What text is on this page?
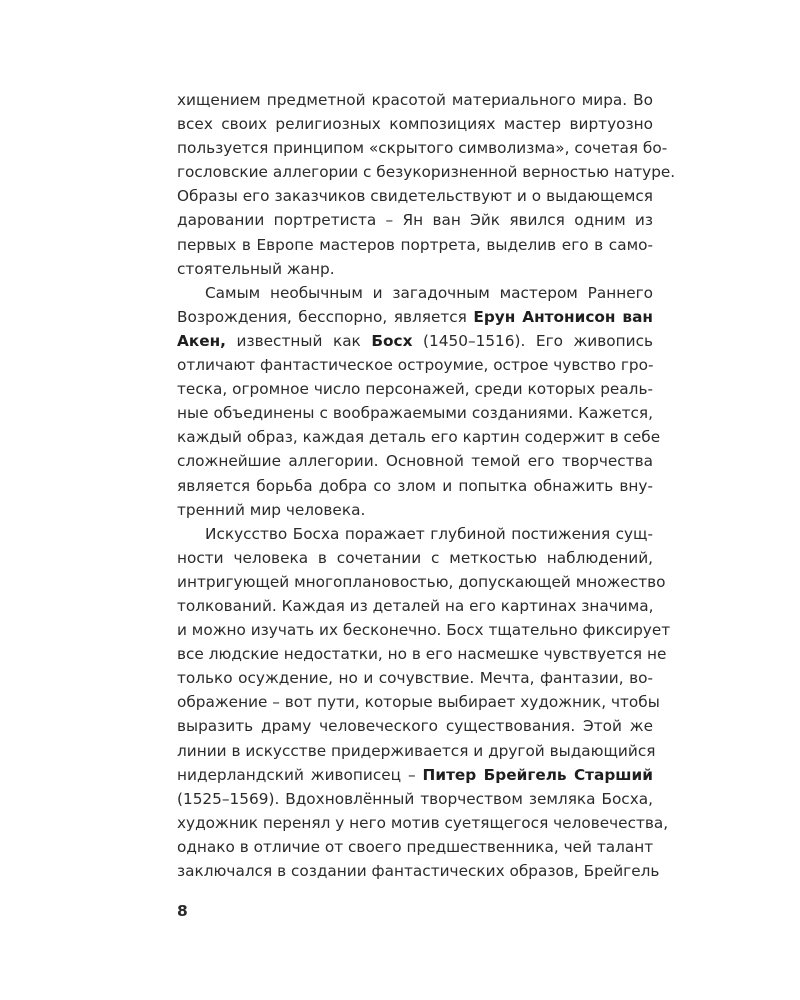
хищением предметной красотой материального мира. Во
всех своих религиозных композициях мастер виртуозно
пользуется принципом «скрытого символизма», сочетая бо-
гословские аллегории с безукоризненной верностью натуре.
Образы его заказчиков свидетельствуют и о выдающемся
даровании портретиста – Ян ван Эйк явился одним из
первых в Европе мастеров портрета, выделив его в само-
стоятельный жанр.

Самым необычным и загадочным мастером Раннего
Возрождения, бесспорно, является Ерун Антонисон ван
Акен, известный как Босх (1450–1516). Его живопись
отличают фантастическое остроумие, острое чувство гро-
теска, огромное число персонажей, среди которых реаль-
ные объединены с воображаемыми созданиями. Кажется,
каждый образ, каждая деталь его картин содержит в себе
сложнейшие аллегории. Основной темой его творчества
является борьба добра со злом и попытка обнажить вну-
тренний мир человека.

Искусство Босха поражает глубиной постижения сущ-
ности человека в сочетании с меткостью наблюдений,
интригующей многоплановостью, допускающей множество
толкований. Каждая из деталей на его картинах значима,
и можно изучать их бесконечно. Босх тщательно фиксирует
все людские недостатки, но в его насмешке чувствуется не
только осуждение, но и сочувствие. Мечта, фантазии, во-
ображение – вот пути, которые выбирает художник, чтобы
выразить драму человеческого существования. Этой же
линии в искусстве придерживается и другой выдающийся
нидерландский живописец – Питер Брейгель Старший
(1525–1569). Вдохновлённый творчеством земляка Босха,
художник перенял у него мотив суетящегося человечества,
однако в отличие от своего предшественника, чей талант
заключался в создании фантастических образов, Брейгель

8
